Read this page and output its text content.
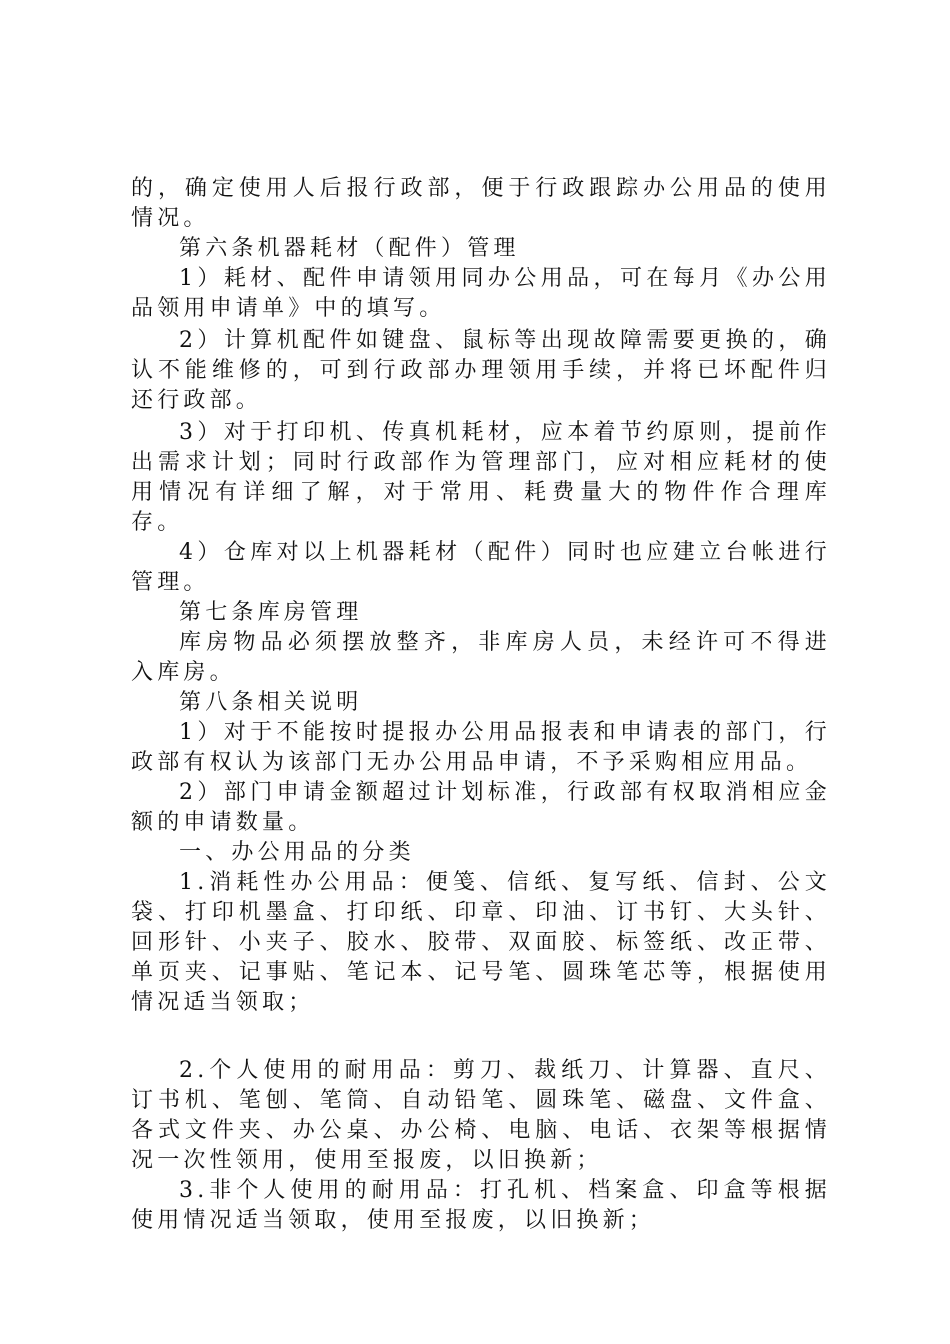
的，确定使用人后报行政部，便于行政跟踪办公用品的使用情况。

第六条机器耗材（配件）管理

1）耗材、配件申请领用同办公用品，可在每月《办公用品领用申请单》中的填写。

2）计算机配件如键盘、鼠标等出现故障需要更换的，确认不能维修的，可到行政部办理领用手续，并将已坏配件归还行政部。

3）对于打印机、传真机耗材，应本着节约原则，提前作出需求计划；同时行政部作为管理部门，应对相应耗材的使用情况有详细了解，对于常用、耗费量大的物件作合理库存。

4）仓库对以上机器耗材（配件）同时也应建立台帐进行管理。

第七条库房管理

库房物品必须摆放整齐，非库房人员，未经许可不得进入库房。

第八条相关说明

1）对于不能按时提报办公用品报表和申请表的部门，行政部有权认为该部门无办公用品申请，不予采购相应用品。

2）部门申请金额超过计划标准，行政部有权取消相应金额的申请数量。

一、办公用品的分类

1.消耗性办公用品：便笺、信纸、复写纸、信封、公文袋、打印机墨盒、打印纸、印章、印油、订书钉、大头针、回形针、小夹子、胶水、胶带、双面胶、标签纸、改正带、单页夹、记事贴、笔记本、记号笔、圆珠笔芯等，根据使用情况适当领取；

2.个人使用的耐用品：剪刀、裁纸刀、计算器、直尺、订书机、笔刨、笔筒、自动铅笔、圆珠笔、磁盘、文件盒、各式文件夹、办公桌、办公椅、电脑、电话、衣架等根据情况一次性领用，使用至报废，以旧换新；

3.非个人使用的耐用品：打孔机、档案盒、印盒等根据使用情况适当领取，使用至报废，以旧换新；
